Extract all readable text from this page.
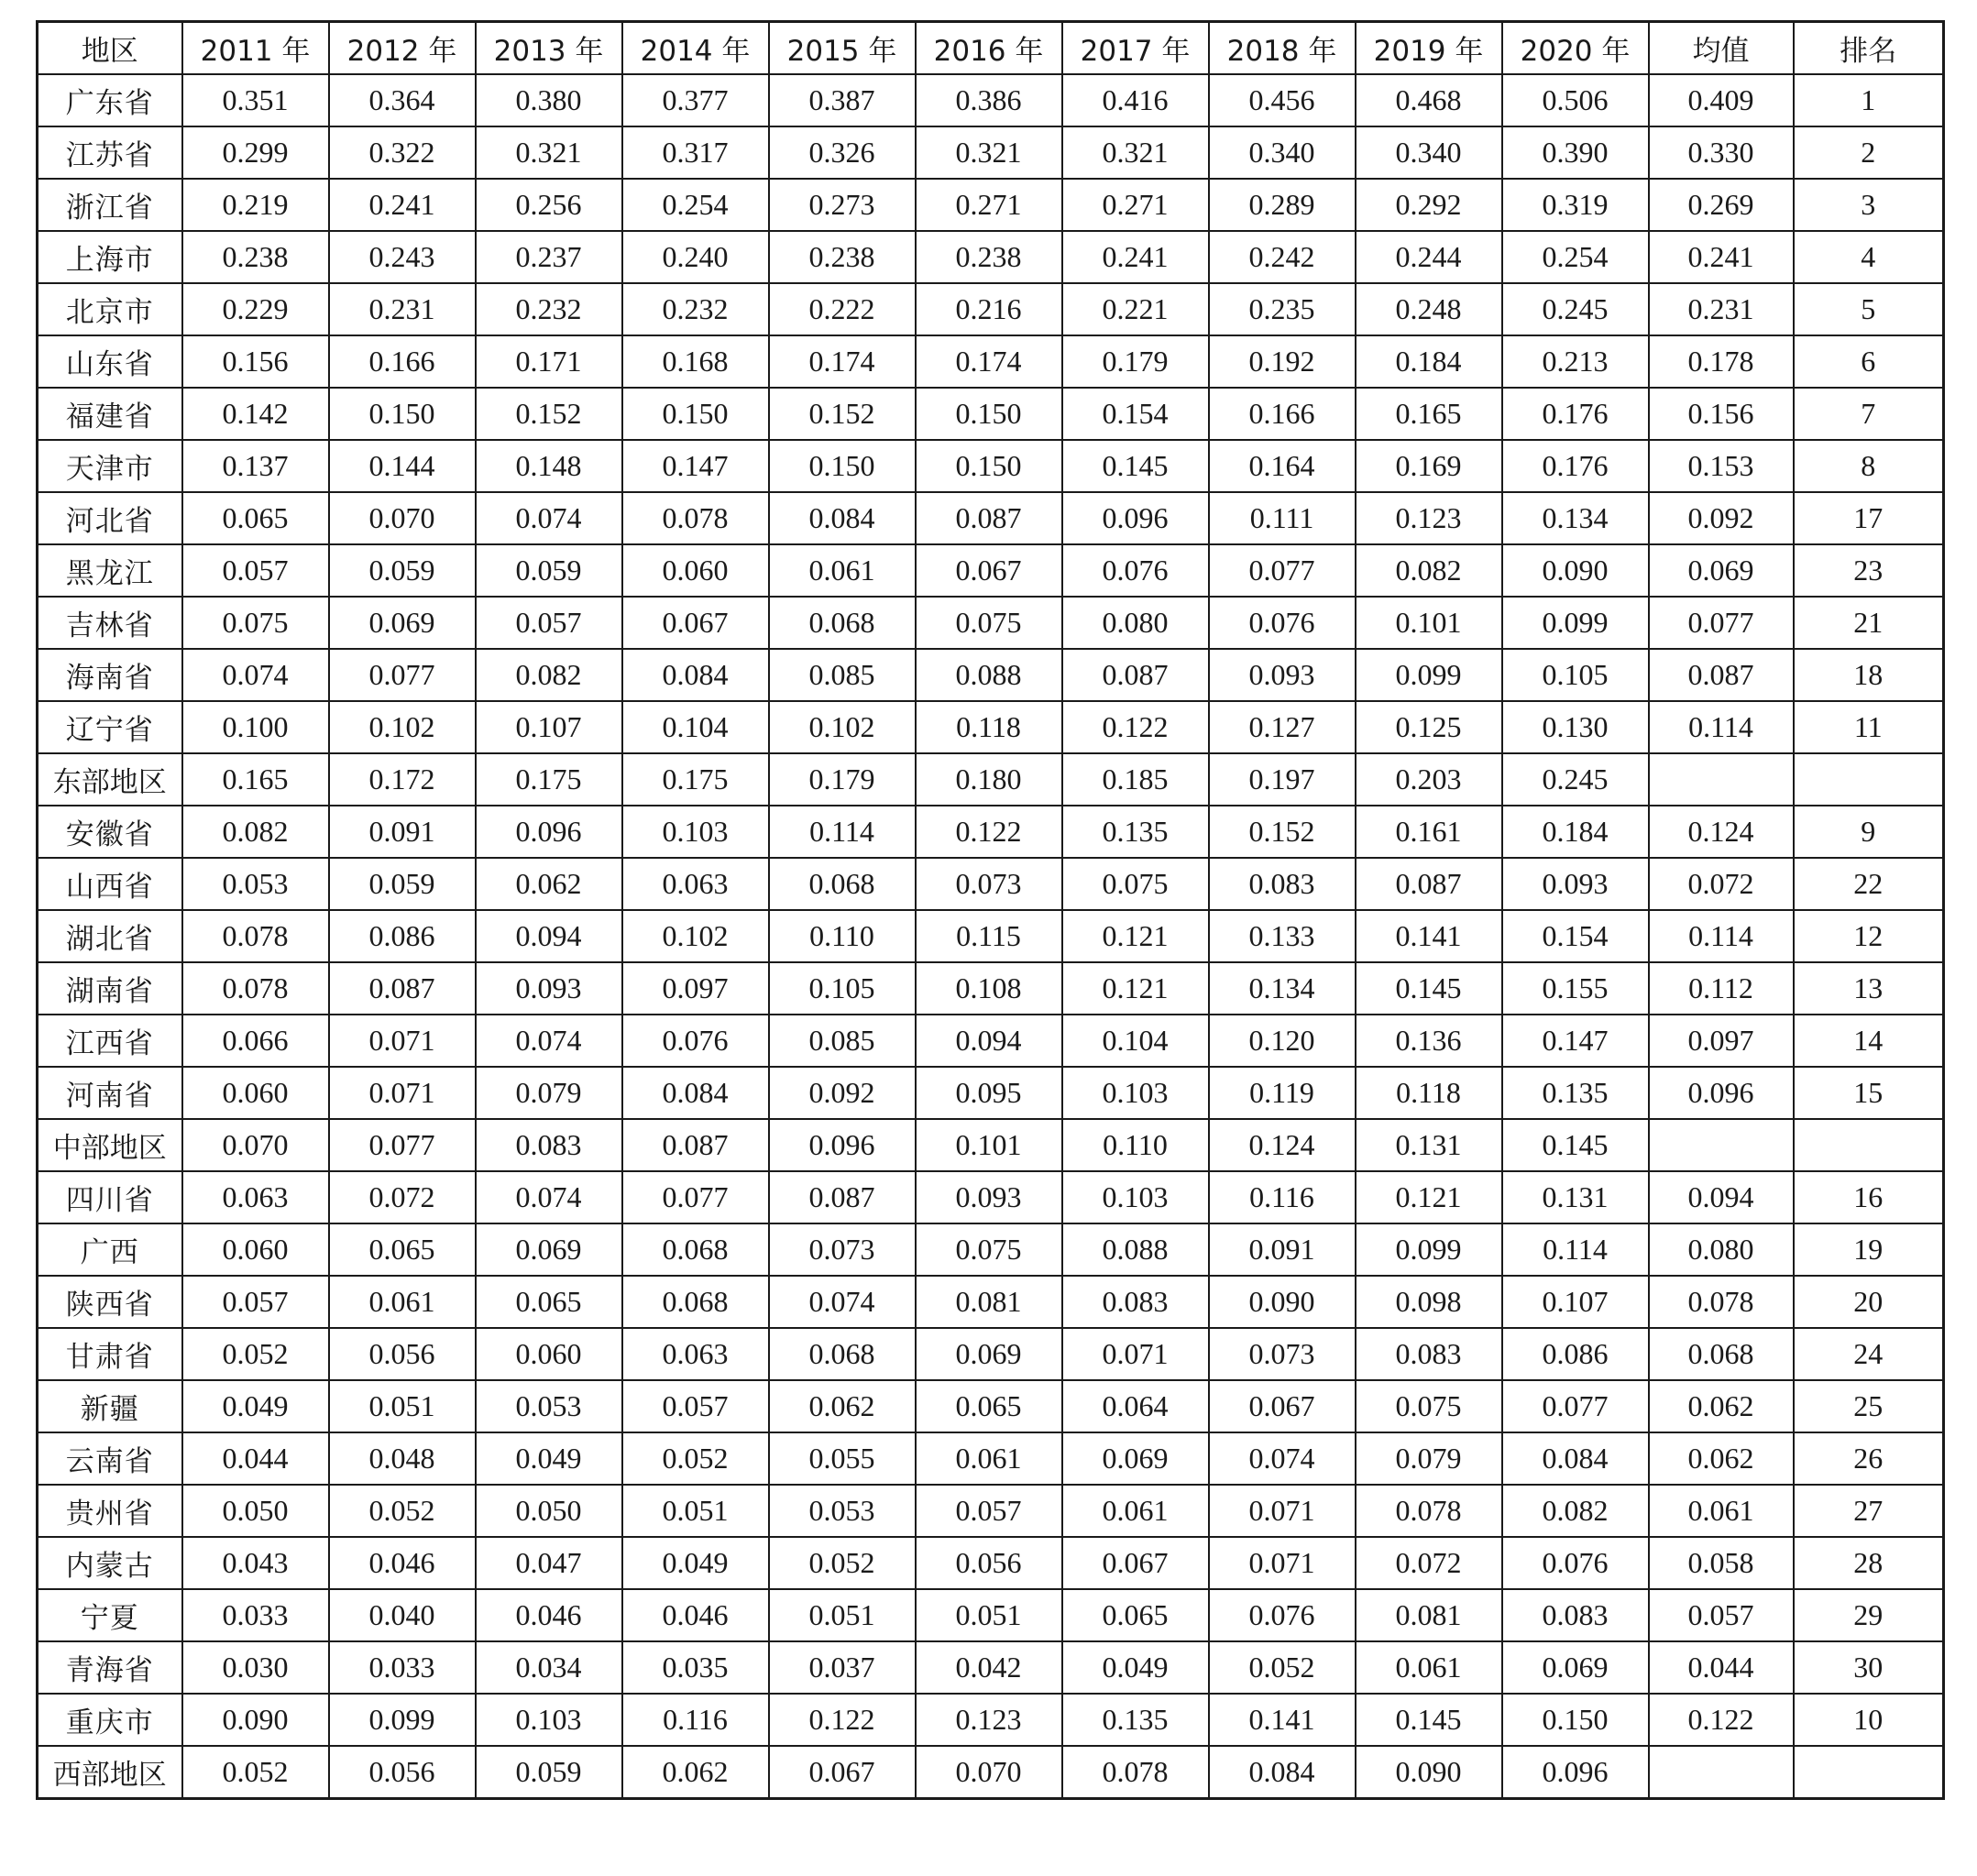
地区	2011 年	2012 年	2013 年	2014 年	2015 年	2016 年	2017 年	2018 年	2019 年	2020 年	均值	排名
广东省	0.351	0.364	0.380	0.377	0.387	0.386	0.416	0.456	0.468	0.506	0.409	1
江苏省	0.299	0.322	0.321	0.317	0.326	0.321	0.321	0.340	0.340	0.390	0.330	2
浙江省	0.219	0.241	0.256	0.254	0.273	0.271	0.271	0.289	0.292	0.319	0.269	3
上海市	0.238	0.243	0.237	0.240	0.238	0.238	0.241	0.242	0.244	0.254	0.241	4
北京市	0.229	0.231	0.232	0.232	0.222	0.216	0.221	0.235	0.248	0.245	0.231	5
山东省	0.156	0.166	0.171	0.168	0.174	0.174	0.179	0.192	0.184	0.213	0.178	6
福建省	0.142	0.150	0.152	0.150	0.152	0.150	0.154	0.166	0.165	0.176	0.156	7
天津市	0.137	0.144	0.148	0.147	0.150	0.150	0.145	0.164	0.169	0.176	0.153	8
河北省	0.065	0.070	0.074	0.078	0.084	0.087	0.096	0.111	0.123	0.134	0.092	17
黑龙江	0.057	0.059	0.059	0.060	0.061	0.067	0.076	0.077	0.082	0.090	0.069	23
吉林省	0.075	0.069	0.057	0.067	0.068	0.075	0.080	0.076	0.101	0.099	0.077	21
海南省	0.074	0.077	0.082	0.084	0.085	0.088	0.087	0.093	0.099	0.105	0.087	18
辽宁省	0.100	0.102	0.107	0.104	0.102	0.118	0.122	0.127	0.125	0.130	0.114	11
东部地区	0.165	0.172	0.175	0.175	0.179	0.180	0.185	0.197	0.203	0.245		
安徽省	0.082	0.091	0.096	0.103	0.114	0.122	0.135	0.152	0.161	0.184	0.124	9
山西省	0.053	0.059	0.062	0.063	0.068	0.073	0.075	0.083	0.087	0.093	0.072	22
湖北省	0.078	0.086	0.094	0.102	0.110	0.115	0.121	0.133	0.141	0.154	0.114	12
湖南省	0.078	0.087	0.093	0.097	0.105	0.108	0.121	0.134	0.145	0.155	0.112	13
江西省	0.066	0.071	0.074	0.076	0.085	0.094	0.104	0.120	0.136	0.147	0.097	14
河南省	0.060	0.071	0.079	0.084	0.092	0.095	0.103	0.119	0.118	0.135	0.096	15
中部地区	0.070	0.077	0.083	0.087	0.096	0.101	0.110	0.124	0.131	0.145		
四川省	0.063	0.072	0.074	0.077	0.087	0.093	0.103	0.116	0.121	0.131	0.094	16
广西	0.060	0.065	0.069	0.068	0.073	0.075	0.088	0.091	0.099	0.114	0.080	19
陕西省	0.057	0.061	0.065	0.068	0.074	0.081	0.083	0.090	0.098	0.107	0.078	20
甘肃省	0.052	0.056	0.060	0.063	0.068	0.069	0.071	0.073	0.083	0.086	0.068	24
新疆	0.049	0.051	0.053	0.057	0.062	0.065	0.064	0.067	0.075	0.077	0.062	25
云南省	0.044	0.048	0.049	0.052	0.055	0.061	0.069	0.074	0.079	0.084	0.062	26
贵州省	0.050	0.052	0.050	0.051	0.053	0.057	0.061	0.071	0.078	0.082	0.061	27
内蒙古	0.043	0.046	0.047	0.049	0.052	0.056	0.067	0.071	0.072	0.076	0.058	28
宁夏	0.033	0.040	0.046	0.046	0.051	0.051	0.065	0.076	0.081	0.083	0.057	29
青海省	0.030	0.033	0.034	0.035	0.037	0.042	0.049	0.052	0.061	0.069	0.044	30
重庆市	0.090	0.099	0.103	0.116	0.122	0.123	0.135	0.141	0.145	0.150	0.122	10
西部地区	0.052	0.056	0.059	0.062	0.067	0.070	0.078	0.084	0.090	0.096		
